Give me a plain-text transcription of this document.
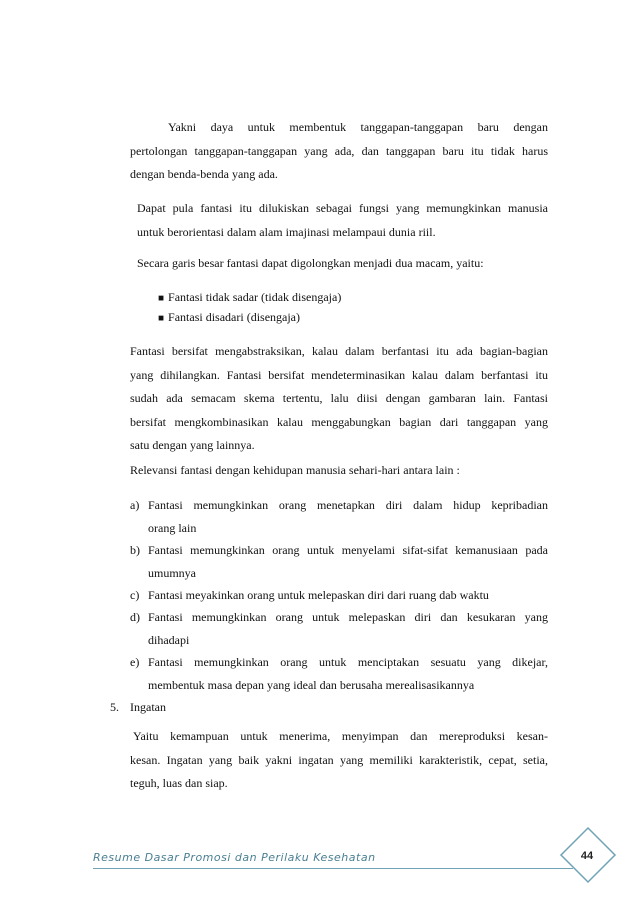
Yakni daya untuk membentuk tanggapan-tanggapan baru dengan
pertolongan tanggapan-tanggapan yang ada, dan tanggapan baru itu tidak harus
dengan benda-benda yang ada.
Dapat pula fantasi itu dilukiskan sebagai fungsi yang memungkinkan manusia
untuk berorientasi dalam alam imajinasi melampaui dunia riil.
Secara garis besar fantasi dapat digolongkan menjadi dua macam, yaitu:
■ Fantasi tidak sadar (tidak disengaja)
■ Fantasi disadari (disengaja)
Fantasi bersifat mengabstraksikan, kalau dalam berfantasi itu ada bagian-bagian
yang dihilangkan. Fantasi bersifat mendeterminasikan kalau dalam berfantasi itu
sudah ada semacam skema tertentu, lalu diisi dengan gambaran lain. Fantasi
bersifat mengkombinasikan kalau menggabungkan bagian dari tanggapan yang
satu dengan yang lainnya.
Relevansi fantasi dengan kehidupan manusia sehari-hari antara lain :
a) Fantasi memungkinkan orang menetapkan diri dalam hidup kepribadian
orang lain
b) Fantasi memungkinkan orang untuk menyelami sifat-sifat kemanusiaan pada
umumnya
c) Fantasi meyakinkan orang untuk melepaskan diri dari ruang dab waktu
d) Fantasi memungkinkan orang untuk melepaskan diri dan kesukaran yang
dihadapi
e) Fantasi memungkinkan orang untuk menciptakan sesuatu yang dikejar,
membentuk masa depan yang ideal dan berusaha merealisasikannya
5. Ingatan
Yaitu kemampuan untuk menerima, menyimpan dan mereproduksi kesan-
kesan. Ingatan yang baik yakni ingatan yang memiliki karakteristik, cepat, setia,
teguh, luas dan siap.
Resume Dasar Promosi dan Perilaku Kesehatan	44
